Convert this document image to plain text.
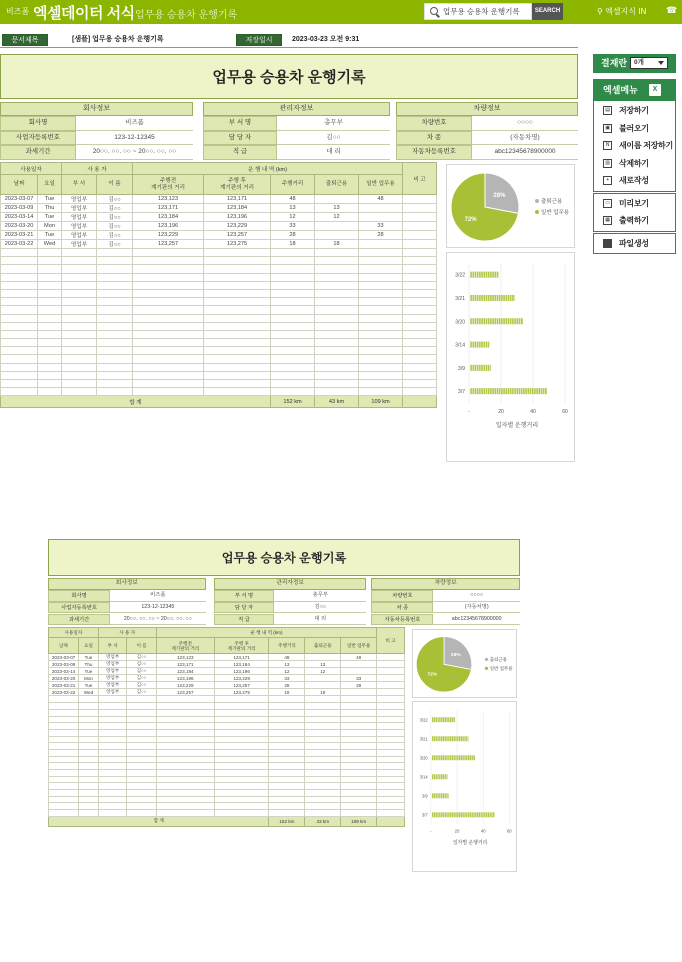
비즈폼 엑셀데이터 서식 업무용 승용차 운행기록	업무용 승용차 운행기록	SEARCH	⚲ 엑셀지식 IN ☎
문서제목	[샘플] 업무용 승용차 운행기록	저장일시	2023-03-23 오전 9:31
업무용 승용차 운행기록
회사정보
회사명	비즈폼
사업자등록번호	123-12-12345
과세기간	20○○. ○○. ○○ ~ 20○○. ○○. ○○
관리자정보
부 서 명	총무부
담 당 자	김○○
직 급	대 리
차량정보
차량번호	○○○○
차 종	(자동차명)
자동차등록번호	abc12345678900000
사용일자		사 용 자		운 행 내 역 (km)					비 고
날짜	요일	부 서	이 름	주행전
계기판의 거리	주행 후
계기판의 거리	주행거리	출퇴근용	일반 업무용	
2023-03-07	Tue	영업부	김○○	123,123	123,171	48		48	
2023-03-09	Thu	영업부	김○○	123,171	123,184	13	13		
2023-03-14	Tue	영업부	김○○	123,184	123,196	12	12		
2023-03-20	Mon	영업부	김○○	123,196	123,229	33		33	
2023-03-21	Tue	영업부	김○○	123,229	123,257	28		28	
2023-03-22	Wed	영업부	김○○	123,257	123,275	18	18		

합 계						152 km	43 km	109 km	
28%
72%
출퇴근용
일반 업무용
-	20	40	60
3/22
3/21
3/20
3/14
3/9
3/7
일자별 운행거리
업무용 승용차 운행기록
회사정보
회사명	비즈폼
사업자등록번호	123-12-12345
과세기간	20○○. ○○. ○○ ~ 20○○. ○○. ○○
관리자정보
부 서 명	총무부
담 당 자	김○○
직 급	대 리
차량정보
차량번호	○○○○
차 종	(자동차명)
자동차등록번호	abc12345678900000
사용일자		사 용 자		운 행 내 역 (km)					비 고
날짜	요일	부 서	이 름	주행전
계기판의 거리	주행 후
계기판의 거리	주행거리	출퇴근용	일반 업무용	
2023-03-07	Tue	영업부	김○○	123,123	123,171	48		48	
2023-03-09	Thu	영업부	김○○	123,171	123,184	13	13		
2023-03-14	Tue	영업부	김○○	123,184	123,196	12	12		
2023-03-20	Mon	영업부	김○○	123,196	123,229	33		33	
2023-03-21	Tue	영업부	김○○	123,229	123,257	28		28	
2023-03-22	Wed	영업부	김○○	123,257	123,275	18	18		

합 계						152 km	43 km	109 km	
28%
72%
출퇴근용
일반 업무용
-	20	40	60
3/22
3/21
3/20
3/14
3/9
3/7
일자별 운행거리
결재란	0개
엑셀메뉴	X
▤ 저장하기
▣ 불러오기
N	새이름 저장하기
▥ 삭제하기
+	새로작성
▭ 미리보기
▦ 출력하기
파일생성
